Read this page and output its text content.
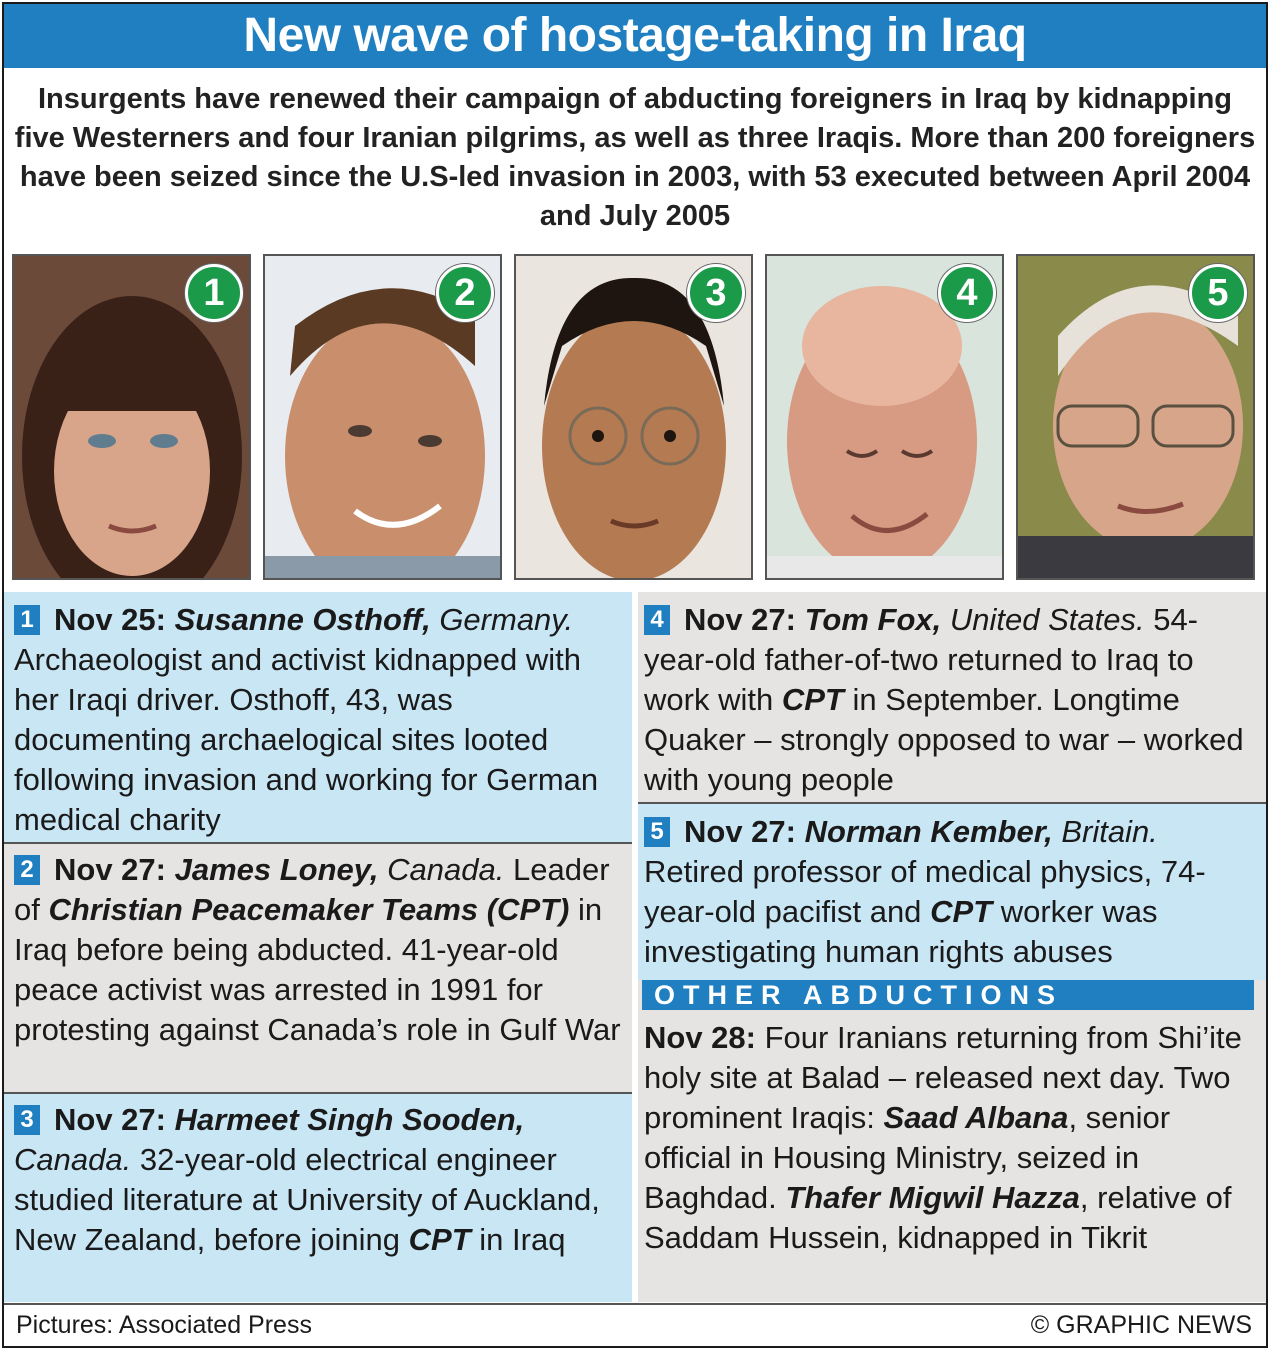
New wave of hostage-taking in Iraq
Insurgents have renewed their campaign of abducting foreigners in Iraq by kidnapping five Westerners and four Iranian pilgrims, as well as three Iraqis. More than 200 foreigners have been seized since the U.S-led invasion in 2003, with 53 executed between April 2004 and July 2005
1	2	3	4	5
1 Nov 25: Susanne Osthoff, Germany. Archaeologist and activist kidnapped with her Iraqi driver. Osthoff, 43, was documenting archaelogical sites looted following invasion and working for German medical charity
2 Nov 27: James Loney, Canada. Leader of Christian Peacemaker Teams (CPT) in Iraq before being abducted. 41-year-old peace activist was arrested in 1991 for protesting against Canada’s role in Gulf War
3 Nov 27: Harmeet Singh Sooden, Canada. 32-year-old electrical engineer studied literature at University of Auckland, New Zealand, before joining CPT in Iraq
4 Nov 27: Tom Fox, United States. 54-year-old father-of-two returned to Iraq to work with CPT in September. Longtime Quaker – strongly opposed to war – worked with young people
5 Nov 27: Norman Kember, Britain. Retired professor of medical physics, 74-year-old pacifist and CPT worker was investigating human rights abuses
OTHER ABDUCTIONS
Nov 28: Four Iranians returning from Shi’ite holy site at Balad – released next day. Two prominent Iraqis: Saad Albana, senior official in Housing Ministry, seized in Baghdad. Thafer Migwil Hazza, relative of Saddam Hussein, kidnapped in Tikrit
Pictures: Associated Press	© GRAPHIC NEWS
